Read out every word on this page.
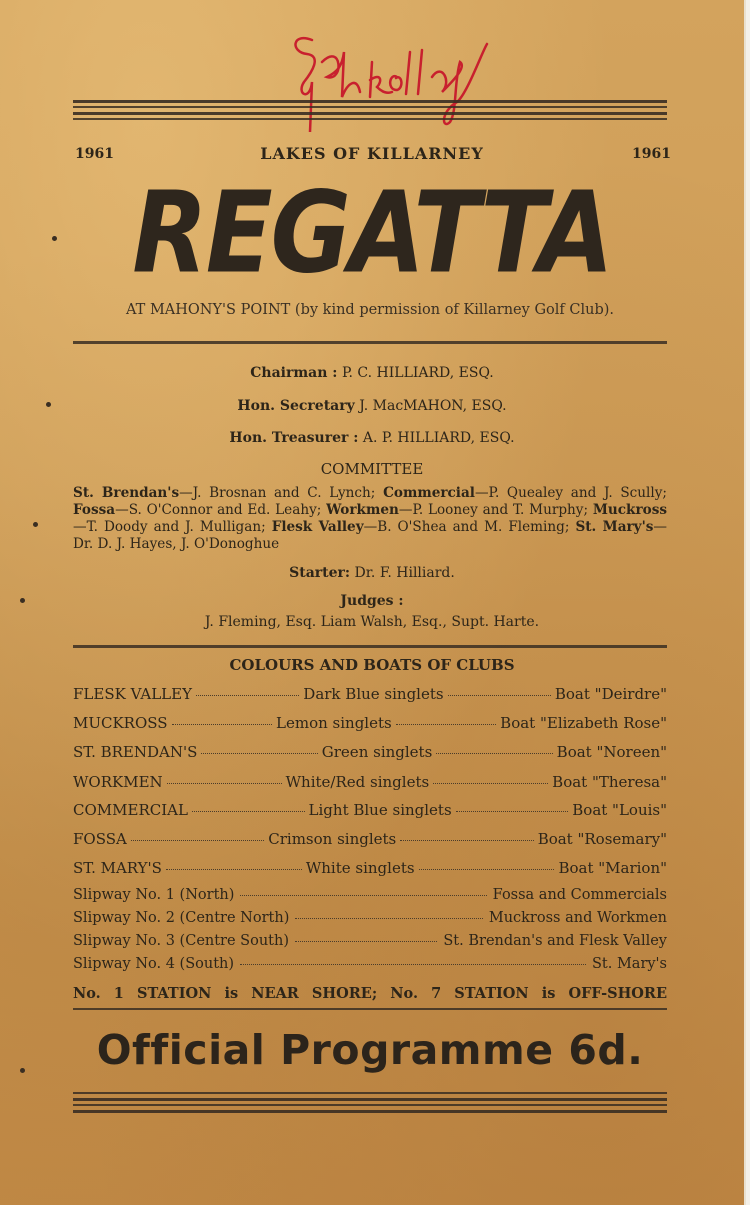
1961	1961
LAKES OF KILLARNEY
REGATTA
AT MAHONY'S POINT (by kind permission of Killarney Golf Club).
Chairman : P. C. HILLIARD, ESQ.
Hon. Secretary J. MacMAHON, ESQ.
Hon. Treasurer : A. P. HILLIARD, ESQ.
COMMITTEE
St. Brendan's—J. Brosnan and C. Lynch; Commercial—P. Quealey and J. Scully; Fossa—S. O'Connor and Ed. Leahy; Workmen—P. Looney and T. Murphy; Muckross—T. Doody and J. Mulligan; Flesk Valley—B. O'Shea and M. Fleming; St. Mary's—Dr. D. J. Hayes, J. O'Donoghue
Starter: Dr. F. Hilliard.
Judges :
J. Fleming, Esq. Liam Walsh, Esq., Supt. Harte.
COLOURS AND BOATS OF CLUBS
FLESK VALLEY	Dark Blue singlets	Boat "Deirdre"
MUCKROSS	Lemon singlets	Boat "Elizabeth Rose"
ST. BRENDAN'S	Green singlets	Boat "Noreen"
WORKMEN	White/Red singlets	Boat "Theresa"
COMMERCIAL	Light Blue singlets	Boat "Louis"
FOSSA	Crimson singlets	Boat "Rosemary"
ST. MARY'S	White singlets	Boat "Marion"
Slipway No. 1 (North)	Fossa and Commercials
Slipway No. 2 (Centre North)	Muckross and Workmen
Slipway No. 3 (Centre South)	St. Brendan's and Flesk Valley
Slipway No. 4 (South)	St. Mary's
No. 1 STATION is NEAR SHORE; No. 7 STATION is OFF-SHORE
Official Programme 6d.
